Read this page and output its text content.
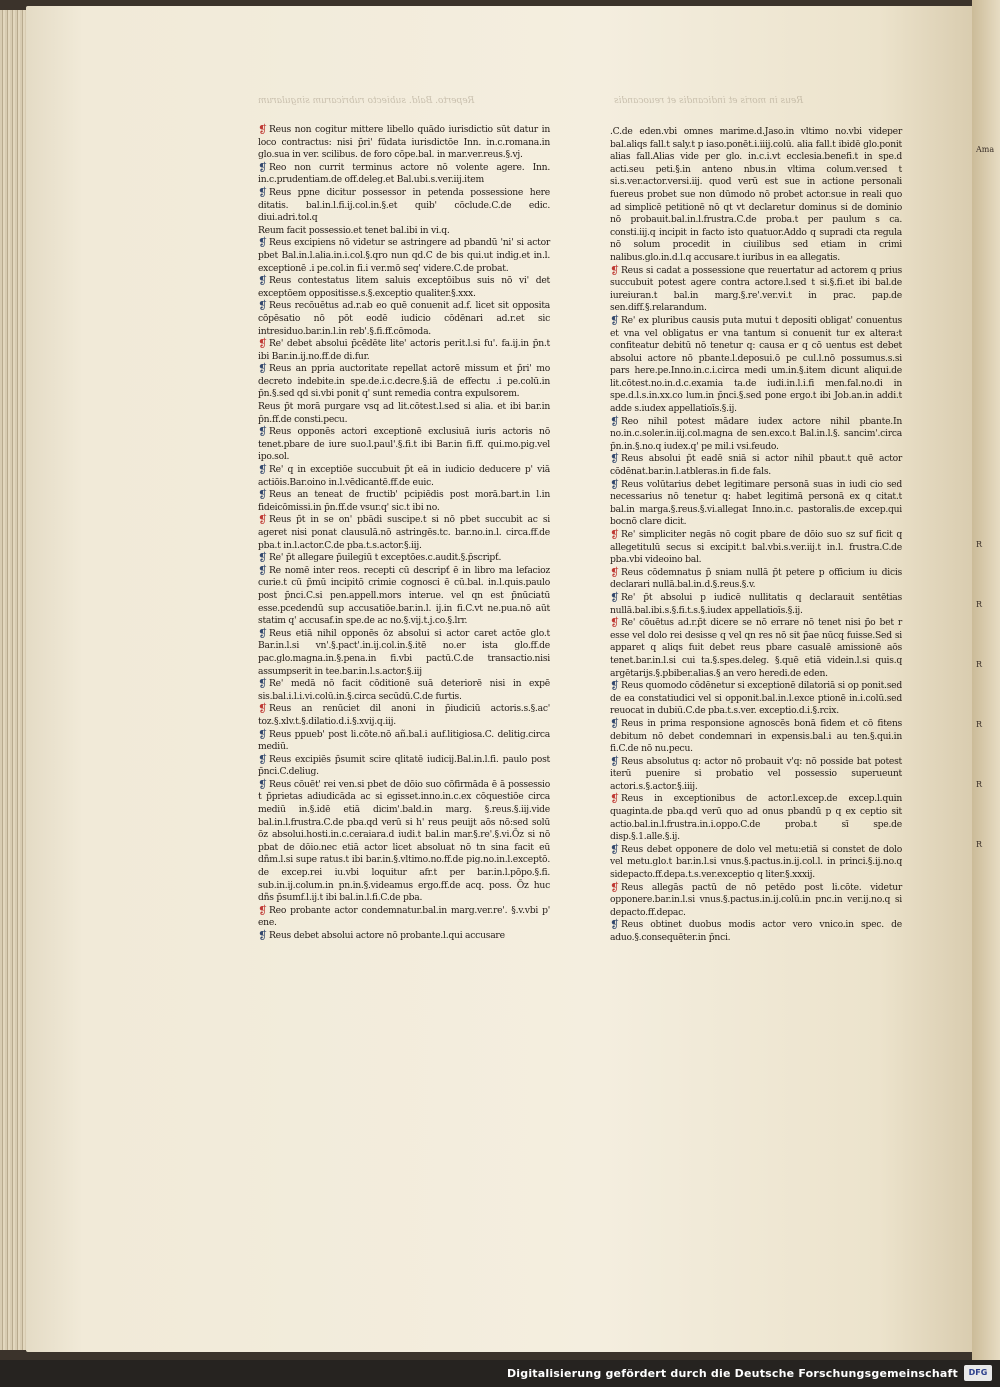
Reperto. Bald. subiecto rubricarum singularum	Reus in moris et indicandis et reuocandis

❡ Reus non cogitur mittere libello quādo iurisdictio sūt datur in loco contractus: nisi p̄ri' fūdata iurisdictōe Inn. in.c.romana.in glo.sua in ver. scilibus. de foro cōpe.bal. in mar.ver.reus.§.vj.

❡ Reo non currit terminus actore nō volente agere. Inn. in.c.prudentiam.de off.deleg.et Bal.ubi.s.ver.iij.item

❡ Reus ppne dicitur possessor in petenda possessione here ditatis. bal.in.l.fi.ij.col.in.§.et quib' cōclude.C.de edic. diui.adri.tol.q

Reum facit possessio.et tenet bal.ibi in vi.q.

❡ Reus excipiens nō videtur se astringere ad pbandū 'ni' si actor pbet Bal.in.l.alia.in.i.col.§.qro nun qd.C de bis qui.ut indig.et in.l. exceptionē .i pe.col.in fi.i ver.mō seq' videre.C.de probat.

❡ Reus contestatus litem saluis exceptōibus suis nō vi' det exceptōem oppositisse.s.§.exceptio qualiter.§.xxx.

❡ Reus recōuētus ad.r.ab eo quē conuenit ad.f. licet sit opposita cōpēsatio nō pōt eodē iudicio cōdēnari ad.r.et sic intresiduo.bar.in.l.in reb'.§.fi.ff.cōmoda.

❡ Re' debet absolui p̄cēdēte lite' actoris perit.l.si fu'. fa.ij.in p̄n.t ibi Bar.in.ij.no.ff.de di.fur.

❡ Reus an ppria auctoritate repellat actorē missum et p̄ri' mo decreto indebite.in spe.de.i.c.decre.§.iā de effectu .i pe.colū.in p̄n.§.sed qd si.vbi ponit q' sunt remedia contra expulsorem.

Reus p̄t morā purgare vsq ad lit.cōtest.l.sed si alia. et ibi bar.in p̄n.ff.de consti.pecu.

❡ Reus opponēs actori exceptionē exclusiuā iuris actoris nō tenet.pbare de iure suo.l.paul'.§.fi.t ibi Bar.in fi.ff. qui.mo.pig.vel ipo.sol.

❡ Re' q in exceptiōe succubuit p̄t eā in iudicio deducere p' viā actiōis.Bar.oino in.l.vēdicantē.ff.de euic.

❡ Reus an teneat de fructib' pcipiēdis post morā.bart.in l.in fideicōmissi.in p̄n.ff.de vsur.q' sic.t ibi no.

❡ Reus p̄t in se on' pbādi suscipe.t si nō pbet succubit ac si ageret nisi ponat clausulā.nō astringēs.tc. bar.no.in.l. circa.ff.de pba.t in.l.actor.C.de pba.t.s.actor.§.iij.

❡ Re' p̄t allegare p̄uilegiū t exceptōes.c.audit.§.p̄scripť.

❡ Re nomē inter reos. recepti cū descripť ē in libro ma lefacioz curie.t cū p̄mū incipitō crimie cognosci ē cū.bal. in.l.quis.paulo post p̄nci.C.si pen.appell.mors interue. vel qn est p̄nūciatū esse.pcedendū sup accusatiōe.bar.in.l. ij.in fi.C.vt ne.pua.nō aūt statim q' accusaf.in spe.de ac no.§.vij.t.j.co.§.lrr.

❡ Reus etiā nihil opponēs ōz absolui si actor caret actōe glo.t Bar.in.l.si vn'.§.pact'.in.ij.col.in.§.itē no.er ista glo.ff.de pac.glo.magna.in.§.pena.in fi.vbi pactū.C.de transactio.nisi assumpserit in tee.bar.in.l.s.actor.§.iij

❡ Re' medā nō facit cōditionē suā deteriorē nisi in expē sis.bal.i.l.i.vi.colū.in.§.circa secūdū.C.de furtis.

❡ Reus an renūciet dil anoni in p̄iudiciū actoris.s.§.ac' toz.§.xlv.t.§.dilatio.d.i.§.xvij.q.iij.

❡ Reus ppueb' post li.cōte.nō añ.bal.i auf.litigiosa.C. delitig.circa mediū.

❡ Reus excipiēs p̄sumit scire qlitatē iudicij.Bal.in.l.fi. paulo post p̄nci.C.deliug.

❡ Reus cōuēt' rei ven.si pbet de dōio suo cōfirmāda ē ā possessio t p̄prietas adiudicāda ac si egisset.inno.in.c.ex cōquestiōe circa mediū in.§.idē etiā dicim'.bald.in marg. §.reus.§.iij.vide bal.in.l.frustra.C.de pba.qd verū si h' reus peuijt aōs nō:sed solū ōz absolui.hosti.in.c.ceraiara.d iudi.t bal.in mar.§.re'.§.vi.Ōz si nō pbat de dōio.nec etiā actor licet absoluat nō tn sina facit eū dñm.l.si supe ratus.t ibi bar.in.§.vltimo.no.ff.de pig.no.in.l.exceptō. de excep.rei iu.vbi loquitur afr.t per bar.in.l.pōpo.§.fi. sub.in.ij.colum.in pn.in.§.videamus ergo.ff.de acq. poss. Ōz huc dñs p̄sumf.l.ij.t ibi bal.in.l.fi.C.de pba.

❡ Reo probante actor condemnatur.bal.in marg.ver.re'. §.v.vbi p' ene.

❡ Reus debet absolui actore nō probante.l.qui accusare

.C.de eden.vbi omnes marime.d.Jaso.in vltimo no.vbi videper bal.aliqs fall.t saly.t p iaso.ponēt.i.iiij.colū. alia fall.t ibidē glo.ponit alias fall.Alias vide per glo. in.c.i.vt ecclesia.benefi.t in spe.d acti.seu peti.§.in anteno nbus.in vltima colum.ver.sed t si.s.ver.actor.versi.iij. quod verū est sue in actione personali fuereus probet sue non dūmodo nō probet actor.sue in reali quo ad simplicē petitionē nō qt vt declaretur dominus si de dominio nō probauit.bal.in.l.frustra.C.de proba.t per paulum s ca. consti.iij.q incipit in facto isto quatuor.Addo q supradi cta regula nō solum procedit in ciuilibus sed etiam in crimi nalibus.glo.in.d.l.q accusare.t iuribus in ea allegatis.

❡ Reus si cadat a possessione que reuertatur ad actorem q prius succubuit potest agere contra actore.l.sed t si.§.fi.et ibi bal.de iureiuran.t bal.in marg.§.re'.ver.vi.t in prac. pap.de sen.diff.§.relarandum.

❡ Re' ex pluribus causis puta mutui t depositi obligat' conuentus et vna vel obligatus er vna tantum si conuenit tur ex altera:t confiteatur debitū nō tenetur q: causa er q cō uentus est debet absolui actore nō pbante.l.deposui.ō pe cul.l.nō possumus.s.si pars here.pe.Inno.in.c.i.circa medi um.in.§.item dicunt aliqui.de lit.cōtest.no.in.d.c.examia ta.de iudi.in.l.i.fi men.fal.no.di in spe.d.l.s.in.xx.co lum.in p̄nci.§.sed pone ergo.t ibi Job.an.in addi.t adde s.iudex appellatioīs.§.ij.

❡ Reo nihil potest mādare iudex actore nihil pbante.In no.in.c.soler.in.iij.col.magna de sen.exco.t Bal.in.l.§. sancim'.circa p̄n.in.§.no.q iudex.q' pe mil.i vsi.feudo.

❡ Reus absolui p̄t eadē sniā si actor nihil pbaut.t quē actor cōdēnat.bar.in.l.atbleras.in fi.de fals.

❡ Reus volūtarius debet legitimare personā suas in iudi cio sed necessarius nō tenetur q: habet legitimā personā ex q citat.t bal.in marga.§.reus.§.vi.allegat Inno.in.c. pastoralis.de excep.qui bocnō clare dicit.

❡ Re' simpliciter negās nō cogit pbare de dōio suo sz suf ficit q allegetitulū secus si excipit.t bal.vbi.s.ver.iij.t in.l. frustra.C.de pba.vbi videoino bal.

❡ Reus cōdemnatus p̄ sniam nullā p̄t petere p officium iu dicis declarari nullā.bal.in.d.§.reus.§.v.

❡ Re' p̄t absolui p iudicē nullitatis q declarauit sentētias nullā.bal.ibi.s.§.fi.t.s.§.iudex appellatioīs.§.ij.

❡ Re' cōuētus ad.r.p̄t dicere se nō errare nō tenet nisi p̄o bet r esse vel dolo rei desisse q vel qn res nō sit p̄ae nūcq fuisse.Sed si apparet q aliqs fuit debet reus pbare casualē amissionē aōs tenet.bar.in.l.si cui ta.§.spes.deleg. §.quē etiā videin.l.si quis.q argētarijs.§.pbiber.alias.§ an vero heredi.de eden.

❡ Reus quomodo cōdēnetur si exceptionē dilatoriā si op ponit.sed de ea constatiudici vel si opponit.bal.in.l.exce ptionē in.i.colū.sed reuocat in dubiū.C.de pba.t.s.ver. exceptio.d.i.§.rcix.

❡ Reus in prima responsione agnoscēs bonā fidem et cō fitens debitum nō debet condemnari in expensis.bal.i au ten.§.qui.in fi.C.de nō nu.pecu.

❡ Reus absolutus q: actor nō probauit v'q: nō posside bat potest iterū puenire si probatio vel possessio superueunt actori.s.§.actor.§.iiij.

❡ Reus in exceptionibus de actor.l.excep.de excep.l.quin quaginta.de pba.qd verū quo ad onus pbandū p q ex ceptio sit actio.bal.in.l.frustra.in.i.oppo.C.de proba.t sī spe.de disp.§.1.alle.§.ij.

❡ Reus debet opponere de dolo vel metu:etiā si constet de dolo vel metu.glo.t bar.in.l.si vnus.§.pactus.in.ij.col.l. in princi.§.ij.no.q sidepacto.ff.depa.t.s.ver.exceptio q liter.§.xxxij.

❡ Reus allegās pactū de nō petēdo post li.cōte. videtur opponere.bar.in.l.si vnus.§.pactus.in.ij.colū.in pnc.in ver.ij.no.q si depacto.ff.depac.

❡ Reus obtinet duobus modis actor vero vnico.in spec. de aduo.§.consequēter.in p̄nci.

Ama
R
R
R
R
R
R
Digitalisierung gefördert durch die Deutsche Forschungsgemeinschaft	DFG
